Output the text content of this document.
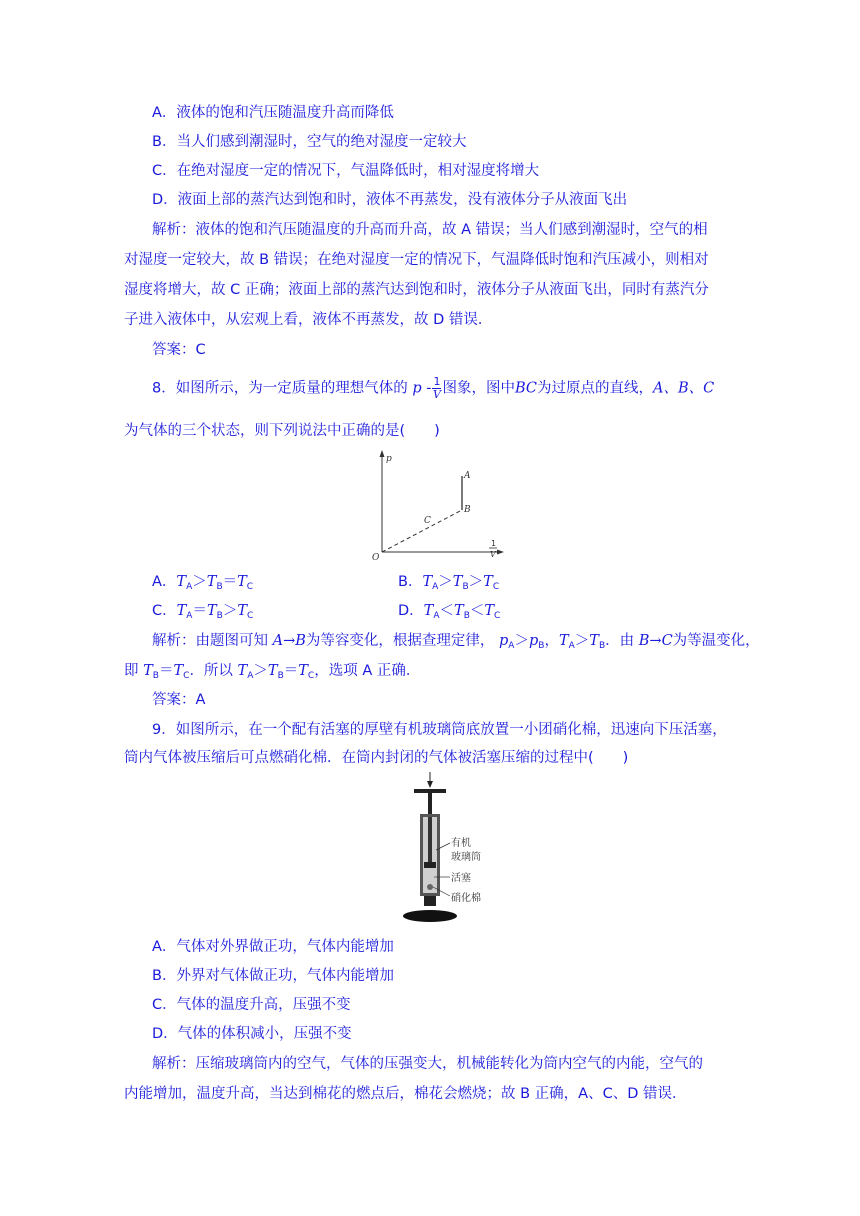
A．液体的饱和汽压随温度升高而降低
B．当人们感到潮湿时，空气的绝对湿度一定较大
C．在绝对湿度一定的情况下，气温降低时，相对湿度将增大
D．液面上部的蒸汽达到饱和时，液体不再蒸发，没有液体分子从液面飞出
解析：液体的饱和汽压随温度的升高而升高，故 A 错误；当人们感到潮湿时，空气的相
对湿度一定较大，故 B 错误；在绝对湿度一定的情况下，气温降低时饱和汽压减小，则相对
湿度将增大，故 C 正确；液面上部的蒸汽达到饱和时，液体分子从液面飞出，同时有蒸汽分
子进入液体中，从宏观上看，液体不再蒸发，故 D 错误．
答案：C
8．如图所示，为一定质量的理想气体的 p - $\frac{1}{V}$ 图象，图中BC为过原点的直线，A、B、C
为气体的三个状态，则下列说法中正确的是(　　)
p
O
A
B
C
1
V
A．$T_A>T_B=T_C$	B．$T_A>T_B>T_C$
C．$T_A=T_B>T_C$	D．$T_A<T_B<T_C$
解析：由题图可知 A→B为等容变化，根据查理定律， $p_A>p_B$，$T_A>T_B$．由 B→C为等温变化，
即 $T_B=T_C$．所以 $T_A>T_B=T_C$，选项 A 正确．
答案：A
9．如图所示，在一个配有活塞的厚壁有机玻璃筒底放置一小团硝化棉，迅速向下压活塞，
筒内气体被压缩后可点燃硝化棉．在筒内封闭的气体被活塞压缩的过程中(　　)
有机
玻璃筒
活塞
硝化棉
A．气体对外界做正功，气体内能增加
B．外界对气体做正功，气体内能增加
C．气体的温度升高，压强不变
D．气体的体积减小，压强不变
解析：压缩玻璃筒内的空气，气体的压强变大，机械能转化为筒内空气的内能，空气的
内能增加，温度升高，当达到棉花的燃点后，棉花会燃烧；故 B 正确，A、C、D 错误．
